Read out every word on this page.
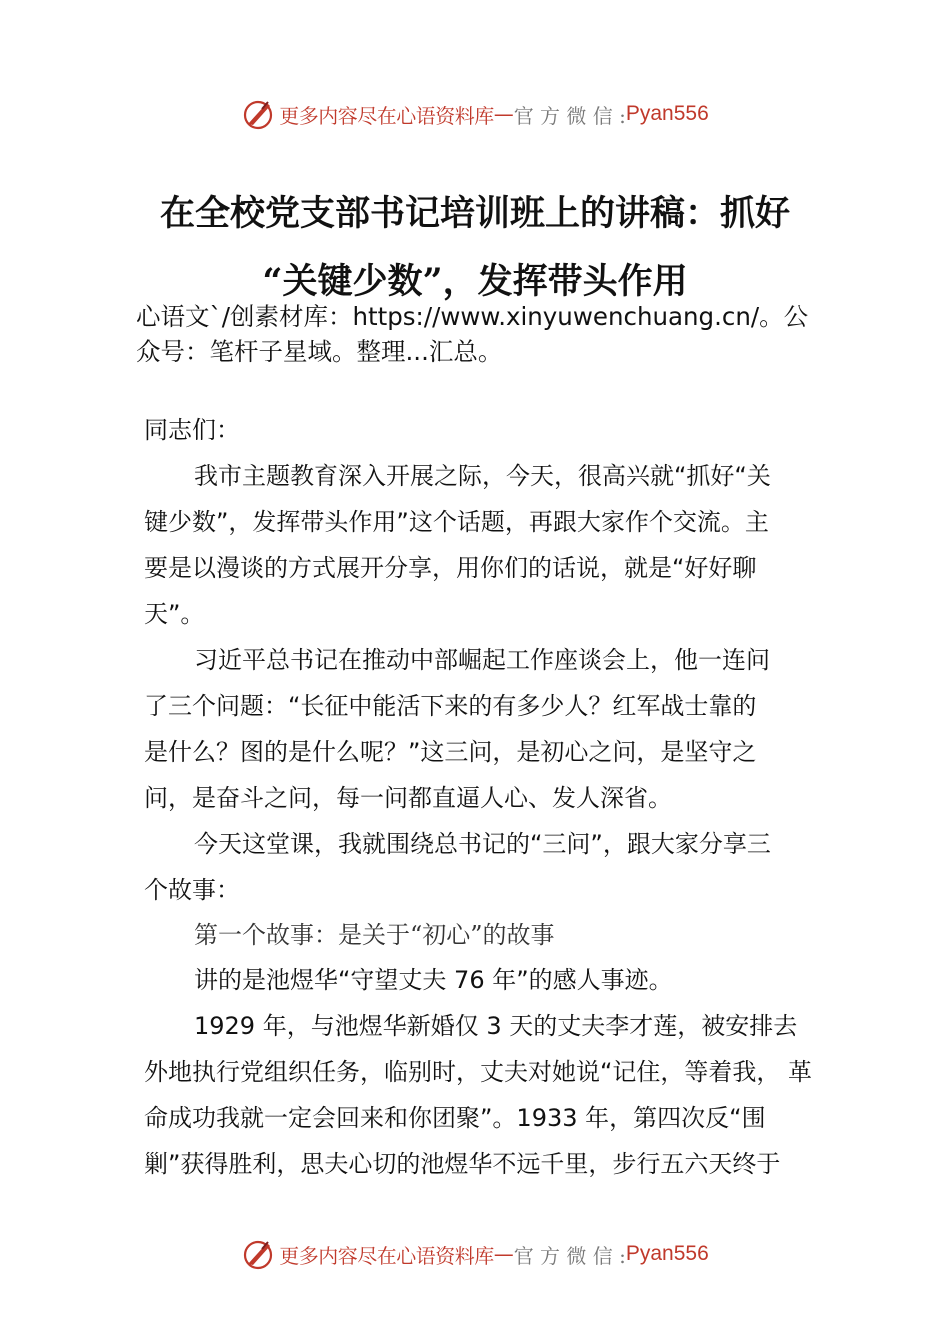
更多内容尽在心语资料库 — 官 方 微 信 : Pyan556
在全校党支部书记培训班上的讲稿：抓好
“关键少数”，发挥带头作用
心语文`/创素材库：https://www.xinyuwenchuang.cn/。公
众号：笔杆子星域。整理...汇总。
同志们：
我市主题教育深入开展之际，今天，很高兴就“抓好“关
键少数”，发挥带头作用”这个话题，再跟大家作个交流。主
要是以漫谈的方式展开分享，用你们的话说，就是“好好聊
天”。
习近平总书记在推动中部崛起工作座谈会上，他一连问
了三个问题：“长征中能活下来的有多少人？红军战士靠的
是什么？图的是什么呢？”这三问，是初心之问，是坚守之
问，是奋斗之问，每一问都直逼人心、发人深省。
今天这堂课，我就围绕总书记的“三问”，跟大家分享三
个故事：
第一个故事：是关于“初心”的故事
讲的是池煜华“守望丈夫 76 年”的感人事迹。
1929 年，与池煜华新婚仅 3 天的丈夫李才莲，被安排去
外地执行党组织任务，临别时，丈夫对她说“记住，等着我， 革
命成功我就一定会回来和你团聚”。1933 年，第四次反“围
剿”获得胜利，思夫心切的池煜华不远千里，步行五六天终于
更多内容尽在心语资料库 — 官 方 微 信 : Pyan556
